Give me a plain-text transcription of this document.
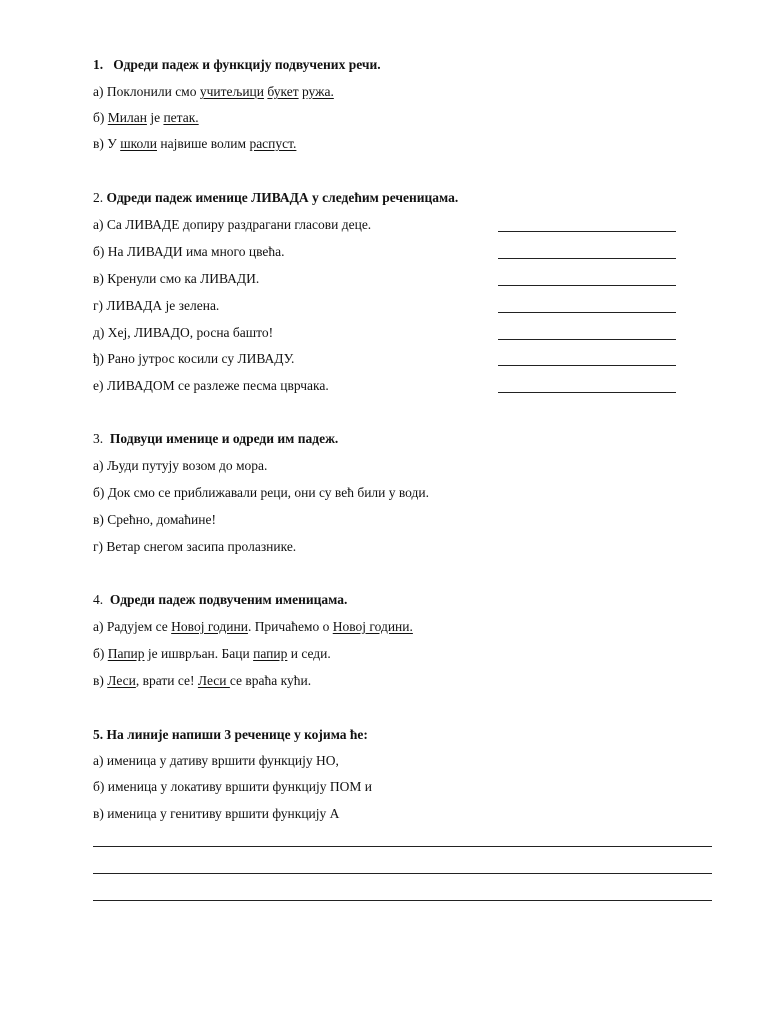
1. Одреди падеж и функцију подвучених речи.
а) Поклонили смо учитељици букет ружа.
б) Милан је петак.
в) У школи највише волим распуст.
2. Одреди падеж именице ЛИВАДА у следећим реченицама.
а) Са ЛИВАДЕ допиру раздрагани гласови деце.
б) На ЛИВАДИ има много цвећа.
в) Кренули смо ка ЛИВАДИ.
г) ЛИВАДА је зелена.
д) Хеј, ЛИВАДО, росна башто!
ђ) Рано јутрос косили су ЛИВАДУ.
е) ЛИВАДОМ се разлеже песма цврчака.
3. Подвуци именице и одреди им падеж.
а) Људи путују возом до мора.
б) Док смо се приближавали реци, они су већ били у води.
в) Срећно, домаћине!
г) Ветар снегом засипа пролазнике.
4. Одреди падеж подвученим именицама.
а) Радујем се Новој години. Причаћемо о Новој години.
б) Папир је ишврљан. Баци папир и седи.
в) Леси, врати се! Леси се враћа кући.
5. На линије напиши 3 реченице у којима ће:
а) именица у дативу вршити функцију НО,
б) именица у локативу вршити функцију ПОМ и
в) именица у генитиву вршити функцију А
